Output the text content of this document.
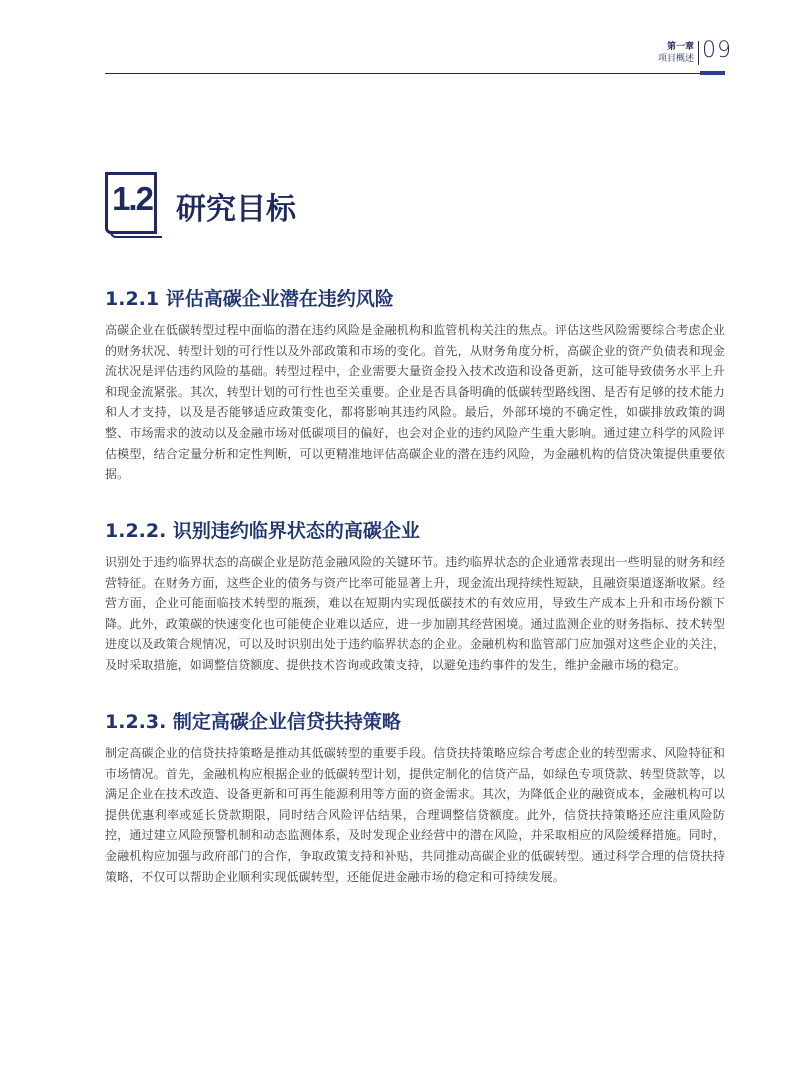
第一章
项目概述 09
1.2 研究目标
1.2.1 评估高碳企业潜在违约风险

高碳企业在低碳转型过程中面临的潜在违约风险是金融机构和监管机构关注的焦点。评估这些风险需要综合考虑企业的财务状况、转型计划的可行性以及外部政策和市场的变化。首先，从财务角度分析，高碳企业的资产负债表和现金流状况是评估违约风险的基础。转型过程中，企业需要大量资金投入技术改造和设备更新，这可能导致债务水平上升和现金流紧张。其次，转型计划的可行性也至关重要。企业是否具备明确的低碳转型路线图、是否有足够的技术能力和人才支持，以及是否能够适应政策变化，都将影响其违约风险。最后，外部环境的不确定性，如碳排放政策的调整、市场需求的波动以及金融市场对低碳项目的偏好，也会对企业的违约风险产生重大影响。通过建立科学的风险评估模型，结合定量分析和定性判断，可以更精准地评估高碳企业的潜在违约风险，为金融机构的信贷决策提供重要依据。

1.2.2. 识别违约临界状态的高碳企业

识别处于违约临界状态的高碳企业是防范金融风险的关键环节。违约临界状态的企业通常表现出一些明显的财务和经营特征。在财务方面，这些企业的债务与资产比率可能显著上升，现金流出现持续性短缺，且融资渠道逐渐收紧。经营方面，企业可能面临技术转型的瓶颈，难以在短期内实现低碳技术的有效应用，导致生产成本上升和市场份额下降。此外，政策碳的快速变化也可能使企业难以适应，进一步加剧其经营困境。通过监测企业的财务指标、技术转型进度以及政策合规情况，可以及时识别出处于违约临界状态的企业。金融机构和监管部门应加强对这些企业的关注，及时采取措施，如调整信贷额度、提供技术咨询或政策支持，以避免违约事件的发生，维护金融市场的稳定。

1.2.3. 制定高碳企业信贷扶持策略

制定高碳企业的信贷扶持策略是推动其低碳转型的重要手段。信贷扶持策略应综合考虑企业的转型需求、风险特征和市场情况。首先，金融机构应根据企业的低碳转型计划，提供定制化的信贷产品，如绿色专项贷款、转型贷款等，以满足企业在技术改造、设备更新和可再生能源利用等方面的资金需求。其次，为降低企业的融资成本，金融机构可以提供优惠利率或延长贷款期限，同时结合风险评估结果，合理调整信贷额度。此外，信贷扶持策略还应注重风险防控，通过建立风险预警机制和动态监测体系，及时发现企业经营中的潜在风险，并采取相应的风险缓释措施。同时，金融机构应加强与政府部门的合作，争取政策支持和补贴，共同推动高碳企业的低碳转型。通过科学合理的信贷扶持策略，不仅可以帮助企业顺利实现低碳转型，还能促进金融市场的稳定和可持续发展。
